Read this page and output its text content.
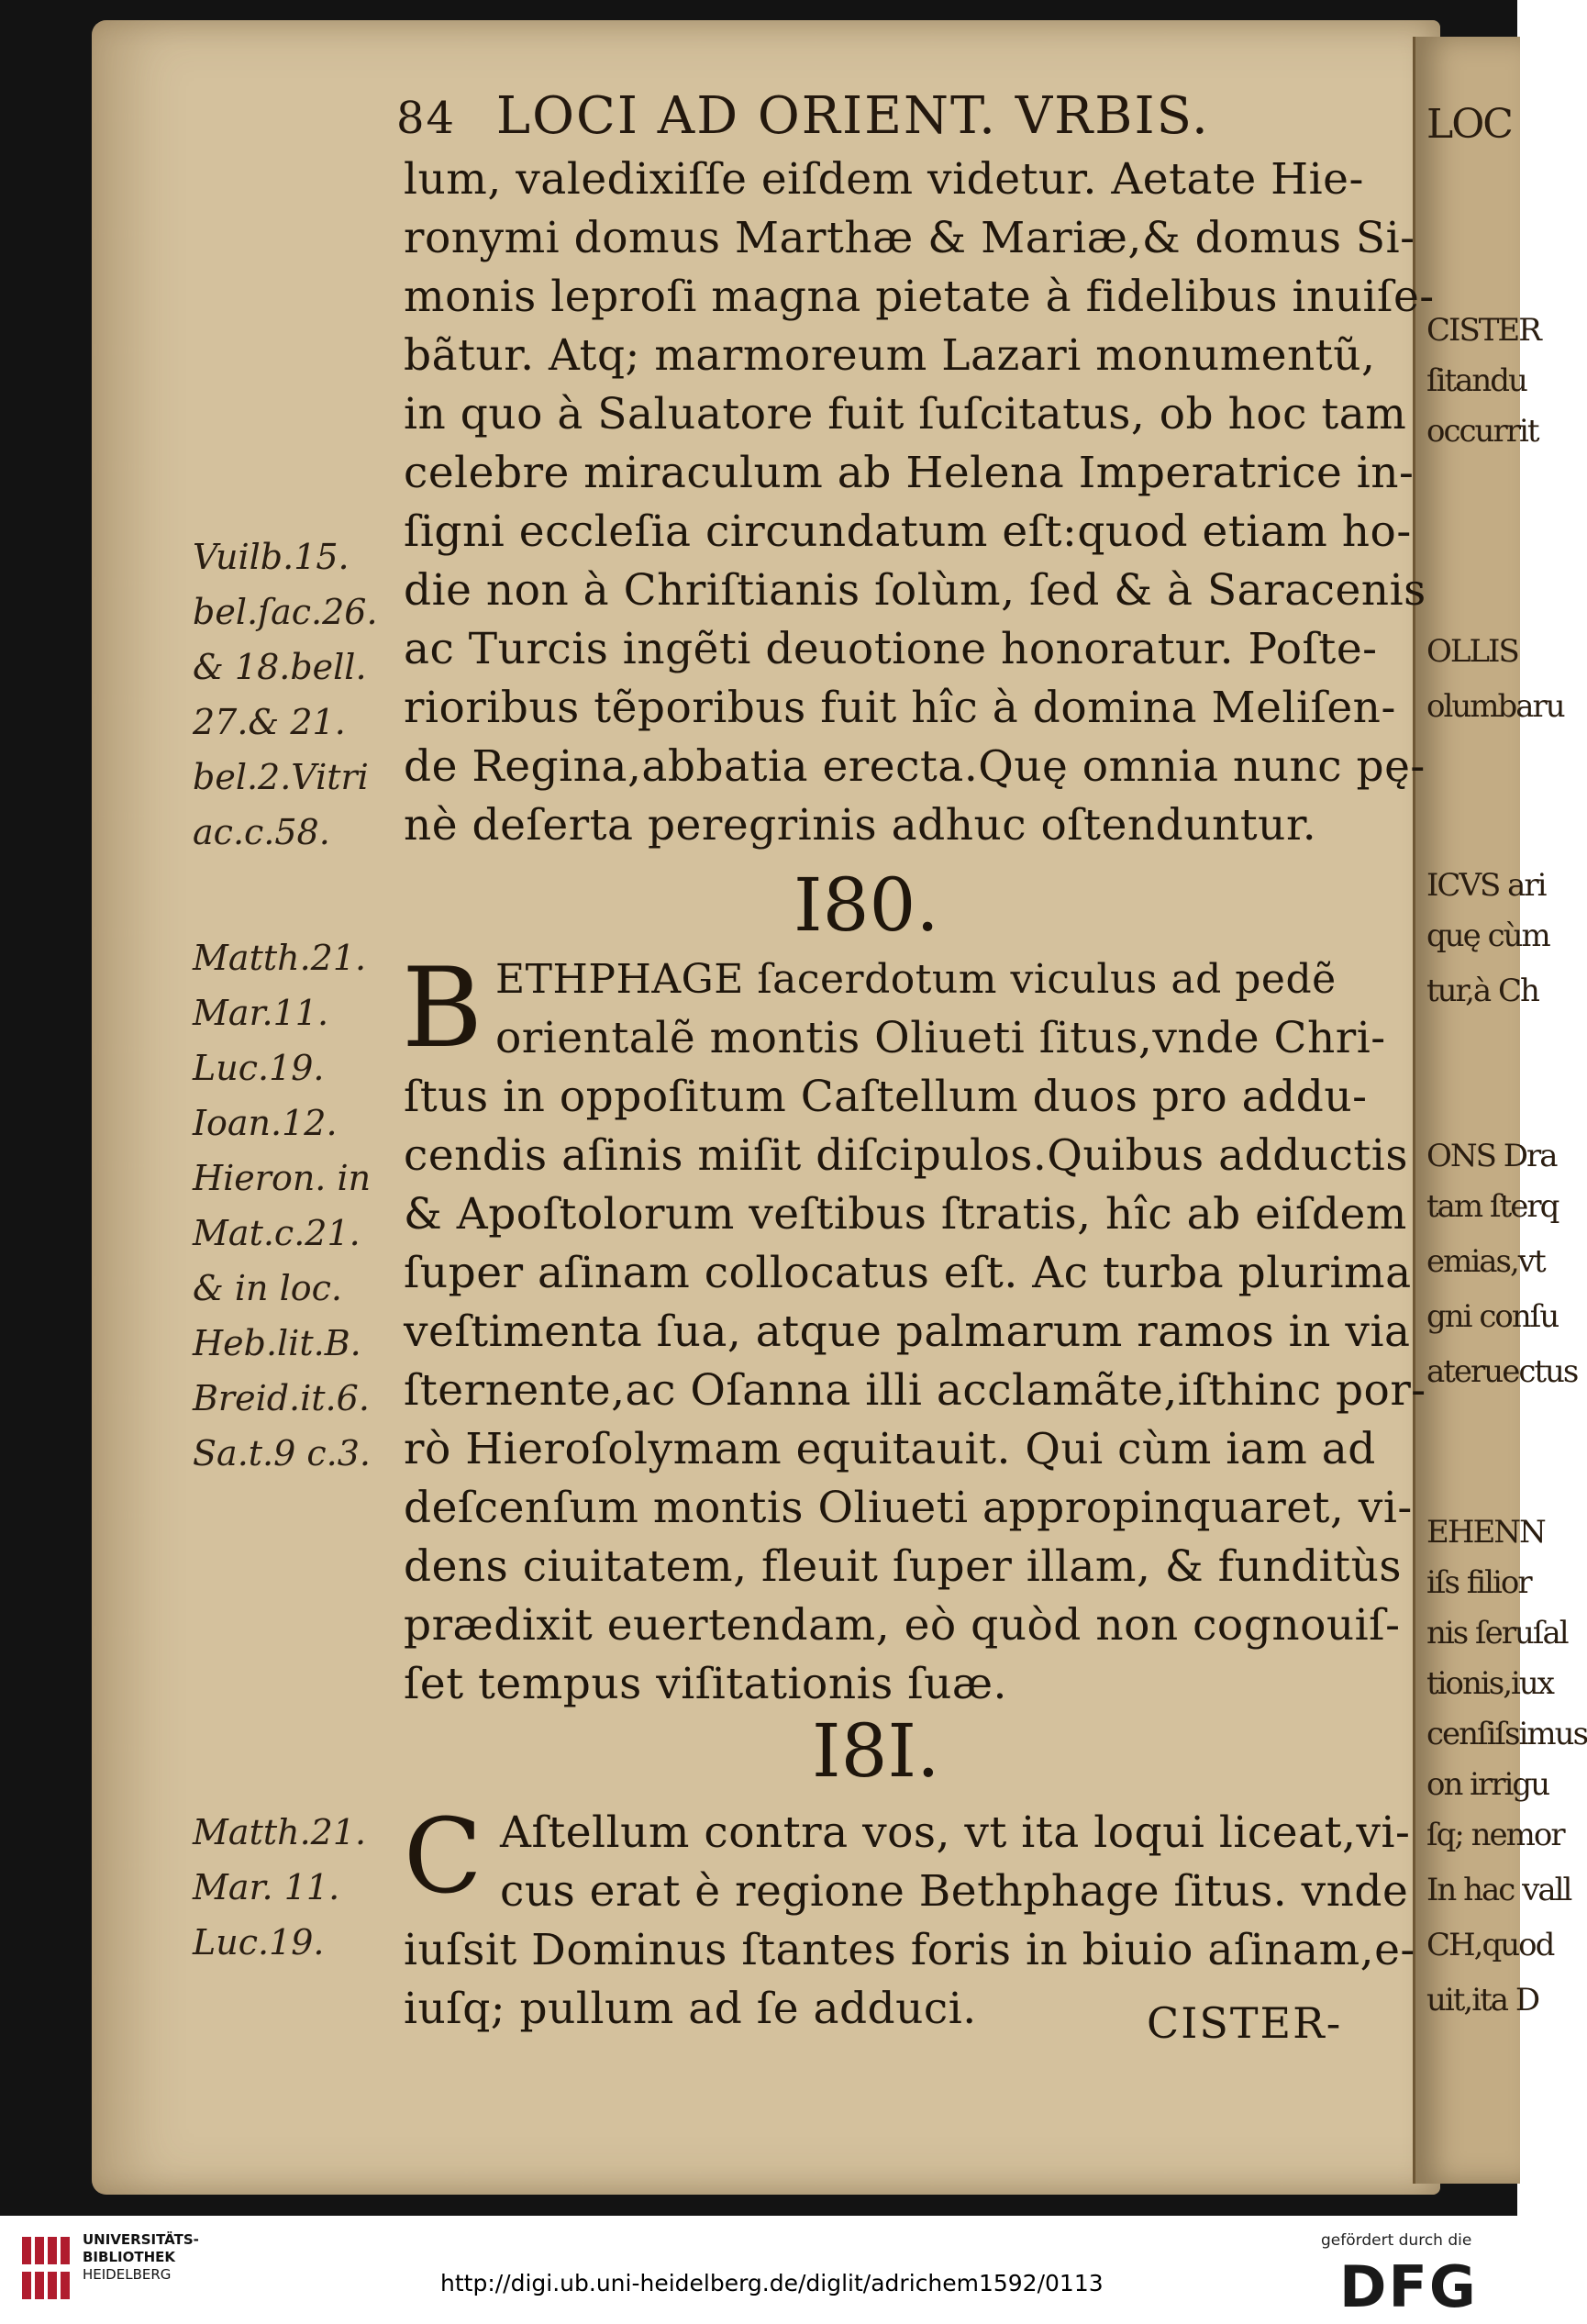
LOC
CISTER
ſitandu
occurrit
OLLIS
olumbaru
ICVS ari
quę cùm
tur,à Ch
ONS Dra
tam ſterq
emias,vt
gni conſu
ateruectus
EHENN
iſs filior
nis ſeruſal
tionis,iux
cenſiſsimus
on irrigu
ſq; nemor
In hac vall
CH,quod
uit,ita D
84 LOCI AD ORIENT. VRBIS.
lum, valedixiſſe eiſdem videtur. Aetate Hie-
ronymi domus Marthæ & Mariæ,& domus Si-
monis leproſi magna pietate à fidelibus inuiſe-
bãtur. Atq; marmoreum Lazari monumentũ,
in quo à Saluatore fuit ſuſcitatus, ob hoc tam
celebre miraculum ab Helena Imperatrice in-
ſigni eccleſia circundatum eſt:quod etiam ho-
die non à Chriſtianis ſolùm, ſed & à Saracenis
ac Turcis ingẽti deuotione honoratur. Poſte-
rioribus tẽporibus fuit hîc à domina Meliſen-
de Regina,abbatia erecta.Quę omnia nunc pę-
nè deſerta peregrinis adhuc oſtenduntur.
Vuilb.15.
bel.ſac.26.
& 18.bell.
27.& 21.
bel.2.Vitri
ac.c.58.
I80.
B ETHPHAGE ſacerdotum viculus ad pedẽ
orientalẽ montis Oliueti ſitus,vnde Chri-
ſtus in oppoſitum Caſtellum duos pro addu-
cendis aſinis miſit diſcipulos.Quibus adductis
& Apoſtolorum veſtibus ſtratis, hîc ab eiſdem
ſuper aſinam collocatus eſt. Ac turba plurima
veſtimenta ſua, atque palmarum ramos in via
ſternente,ac Oſanna illi acclamãte,iſthinc por-
rò Hieroſolymam equitauit. Qui cùm iam ad
deſcenſum montis Oliueti appropinquaret, vi-
dens ciuitatem, fleuit ſuper illam, & funditùs
prædixit euertendam, eò quòd non cognouiſ-
ſet tempus viſitationis ſuæ.
Matth.21.
Mar.11.
Luc.19.
Ioan.12.
Hieron. in
Mat.c.21.
& in loc.
Heb.lit.B.
Breid.it.6.
Sa.t.9 c.3.
I8I.
C Aſtellum contra vos, vt ita loqui liceat,vi-
cus erat è regione Bethphage ſitus. vnde
iuſsit Dominus ſtantes foris in biuio aſinam,e-
iuſq; pullum ad ſe adduci.
Matth.21.
Mar. 11.
Luc.19.
CISTER-
UNIVERSITÄTS-
BIBLIOTHEK
HEIDELBERG	http://digi.ub.uni-heidelberg.de/diglit/adrichem1592/0113
gefördert durch die
DFG
